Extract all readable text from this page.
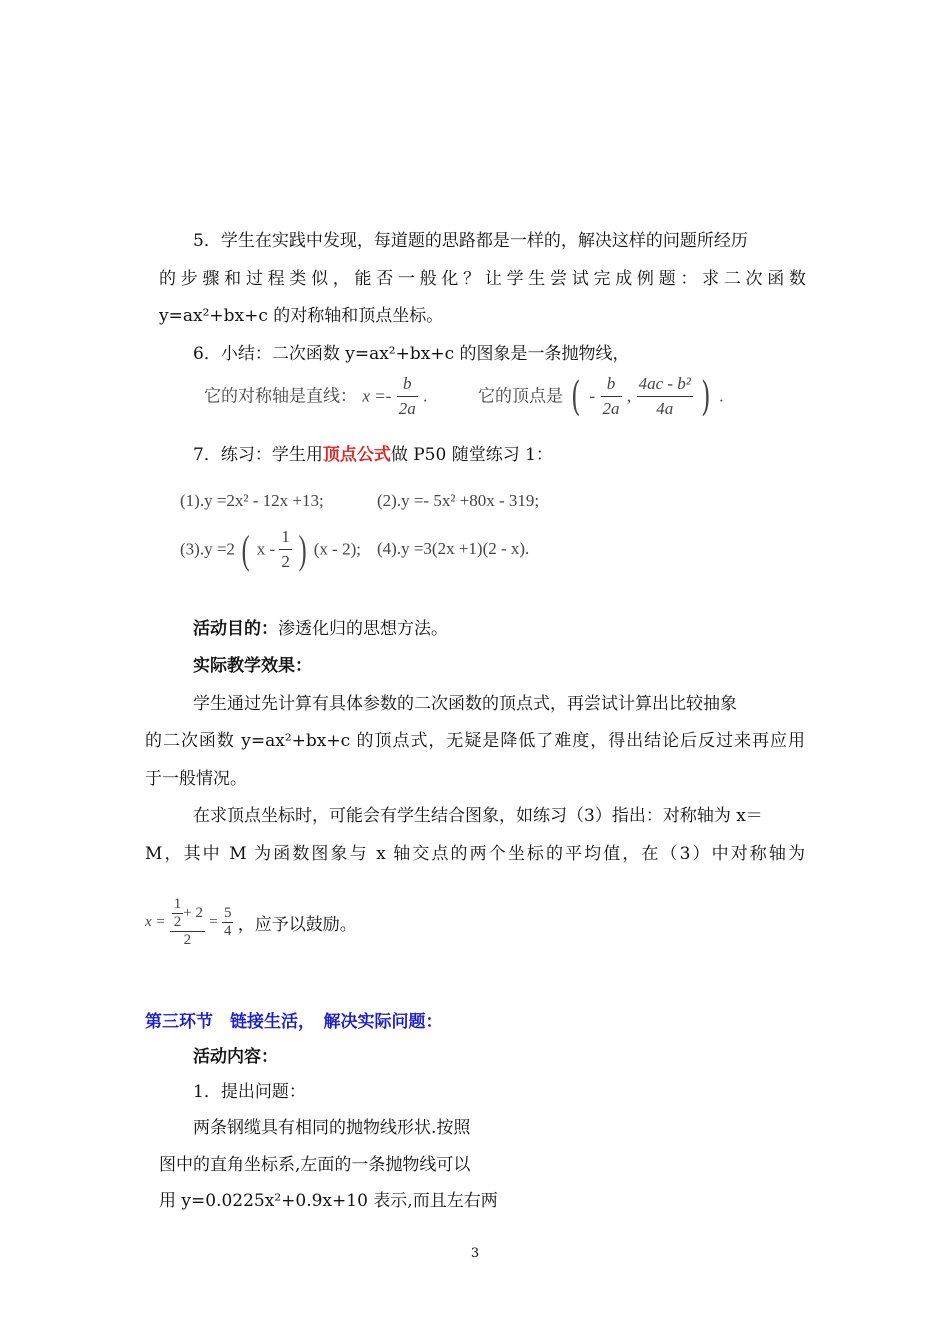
5．学生在实践中发现，每道题的思路都是一样的，解决这样的问题所经历
的步骤和过程类似，能否一般化？让学生尝试完成例题：求二次函数
y=ax²+bx+c 的对称轴和顶点坐标。
6．小结：二次函数 y=ax²+bx+c 的图象是一条抛物线，
它的对称轴是直线： $x =- \frac{b}{2a}$ .	它的顶点是 ( - $\frac{b}{2a}$ , $\frac{\text{4ac - b²}}{4a}$ ) .
7．练习：学生用顶点公式做 P50 随堂练习 1：
(1).y =2x² - 12x +13;	(2).y =- 5x² +80x - 319;
(3).y =2 ( x - $\frac{1}{2}$ ) (x - 2); (4).y =3(2x +1)(2 - x).
活动目的：渗透化归的思想方法。
实际教学效果：
学生通过先计算有具体参数的二次函数的顶点式，再尝试计算出比较抽象
的二次函数 y=ax²+bx+c 的顶点式，无疑是降低了难度，得出结论后反过来再应用
于一般情况。
在求顶点坐标时，可能会有学生结合图象，如练习（3）指出：对称轴为 x＝
M，其中 M 为函数图象与 x 轴交点的两个坐标的平均值，在（3）中对称轴为
$x = \frac{\frac{1}{2} + 2}{2} = \frac{5}{4}$ ，应予以鼓励。
第三环节　链接生活，　解决实际问题：
活动内容：
1．提出问题：
两条钢缆具有相同的抛物线形状.按照
图中的直角坐标系,左面的一条抛物线可以
用 y=0.0225x²+0.9x+10 表示,而且左右两
3
